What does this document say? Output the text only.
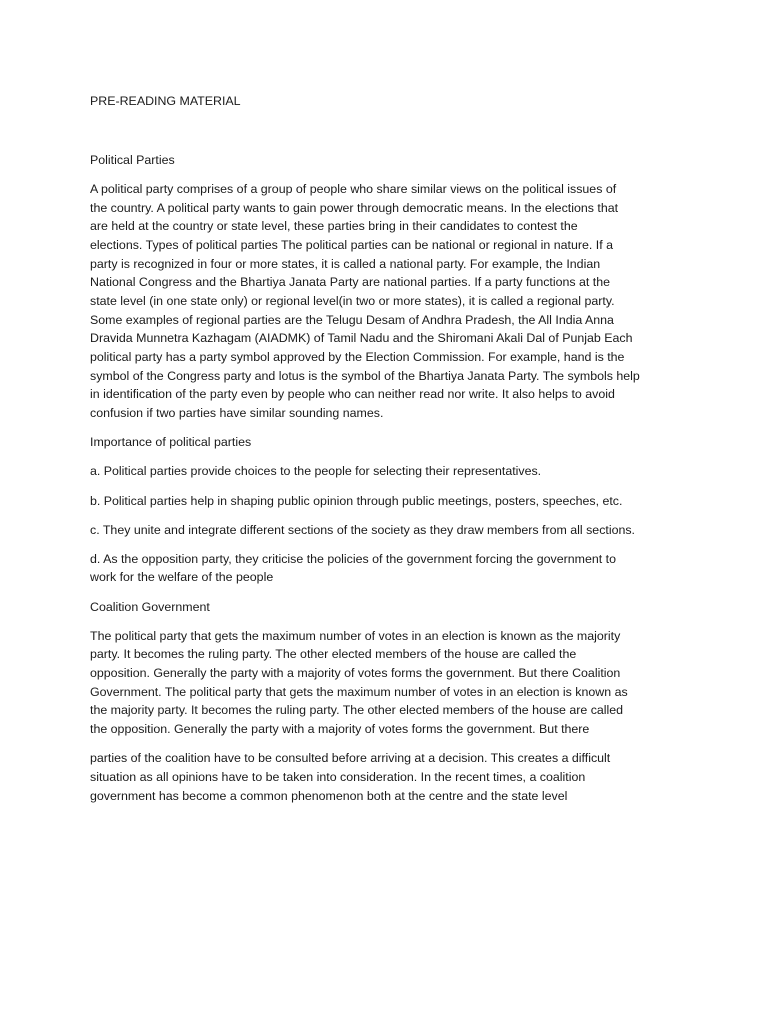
PRE-READING MATERIAL
Political Parties
A political party comprises of a group of people who share similar views on the political issues of
the country. A political party wants to gain power through democratic means. In the elections that
are held at the country or state level, these parties bring in their candidates to contest the
elections. Types of political parties The political parties can be national or regional in nature. If a
party is recognized in four or more states, it is called a national party. For example, the Indian
National Congress and the Bhartiya Janata Party are national parties. If a party functions at the
state level (in one state only) or regional level(in two or more states), it is called a regional party.
Some examples of regional parties are the Telugu Desam of Andhra Pradesh, the All India Anna
Dravida Munnetra Kazhagam (AIADMK) of Tamil Nadu and the Shiromani Akali Dal of Punjab Each
political party has a party symbol approved by the Election Commission. For example, hand is the
symbol of the Congress party and lotus is the symbol of the Bhartiya Janata Party. The symbols help
in identification of the party even by people who can neither read nor write. It also helps to avoid
confusion if two parties have similar sounding names.
Importance of political parties
a. Political parties provide choices to the people for selecting their representatives.
b. Political parties help in shaping public opinion through public meetings, posters, speeches, etc.
c. They unite and integrate different sections of the society as they draw members from all sections.
d. As the opposition party, they criticise the policies of the government forcing the government to
work for the welfare of the people
Coalition Government
The political party that gets the maximum number of votes in an election is known as the majority
party. It becomes the ruling party. The other elected members of the house are called the
opposition. Generally the party with a majority of votes forms the government. But there Coalition
Government. The political party that gets the maximum number of votes in an election is known as
the majority party. It becomes the ruling party. The other elected members of the house are called
the opposition. Generally the party with a majority of votes forms the government. But there
parties of the coalition have to be consulted before arriving at a decision. This creates a difficult
situation as all opinions have to be taken into consideration. In the recent times, a coalition
government has become a common phenomenon both at the centre and the state level
